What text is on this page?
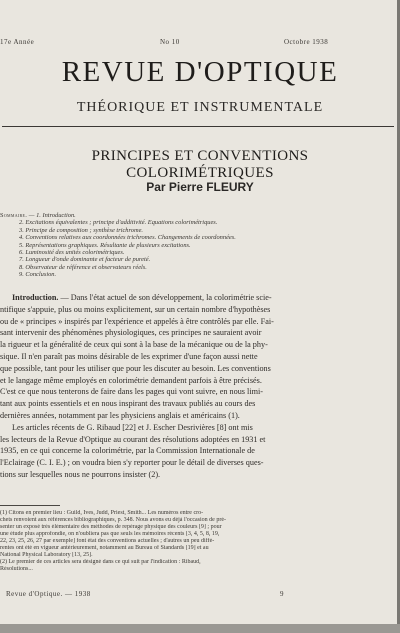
17e Année	No 10	Octobre 1938
REVUE D'OPTIQUE
THÉORIQUE ET INSTRUMENTALE
PRINCIPES ET CONVENTIONS
COLORIMÉTRIQUES
Par Pierre FLEURY
Sommaire. — 1. Introduction.
2. Excitations équivalentes ; principe d'additivité. Equations colorimétriques.
3. Principe de composition ; synthèse trichrome.
4. Conventions relatives aux coordonnées trichromes. Changements de coordonnées.
5. Représentations graphiques. Résultante de plusieurs excitations.
6. Luminosité des unités colorimétriques.
7. Longueur d'onde dominante et facteur de pureté.
8. Observateur de référence et observateurs réels.
9. Conclusion.
Introduction. — Dans l'état actuel de son développement, la colorimétrie scie-
ntifique s'appuie, plus ou moins explicitement, sur un certain nombre d'hypothèses
ou de « principes » inspirés par l'expérience et appelés à être contrôlés par elle. Fai-
sant intervenir des phénomènes physiologiques, ces principes ne sauraient avoir
la rigueur et la généralité de ceux qui sont à la base de la mécanique ou de la phy-
sique. Il n'en paraît pas moins désirable de les exprimer d'une façon aussi nette
que possible, tant pour les utiliser que pour les discuter au besoin. Les conventions
et le langage même employés en colorimétrie demandent parfois à être précisés.
C'est ce que nous tenterons de faire dans les pages qui vont suivre, en nous limi-
tant aux points essentiels et en nous inspirant des travaux publiés au cours des
dernières années, notamment par les physiciens anglais et américains (1).
Les articles récents de G. Ribaud [22] et J. Escher Desrivières [8] ont mis
les lecteurs de la Revue d'Optique au courant des résolutions adoptées en 1931 et
1935, en ce qui concerne la colorimétrie, par la Commission Internationale de
l'Eclairage (C. I. E.) ; on voudra bien s'y reporter pour le détail de diverses ques-
tions sur lesquelles nous ne pourrons insister (2).
(1) Citons en premier lieu : Guild, Ives, Judd, Priest, Smith... Les numéros entre cro-
chets renvoient aux références bibliographiques, p. 348. Nous avons eu déjà l'occasion de pré-
senter un exposé très élémentaire des méthodes de repérage physique des couleurs [9] ; pour
une étude plus approfondie, on n'oubliera pas que seuls les mémoires récents [3, 4, 5, 8, 19,
22, 23, 25, 26, 27 par exemple] font état des conventions actuelles ; d'autres un peu diffé-
rentes ont été en vigueur antérieurement, notamment au Bureau of Standards [19] et au
National Physical Laboratory [13, 25].
(2) Le premier de ces articles sera désigné dans ce qui suit par l'indication : Ribaud,
Résolutions...
Revue d'Optique. — 1938	9
